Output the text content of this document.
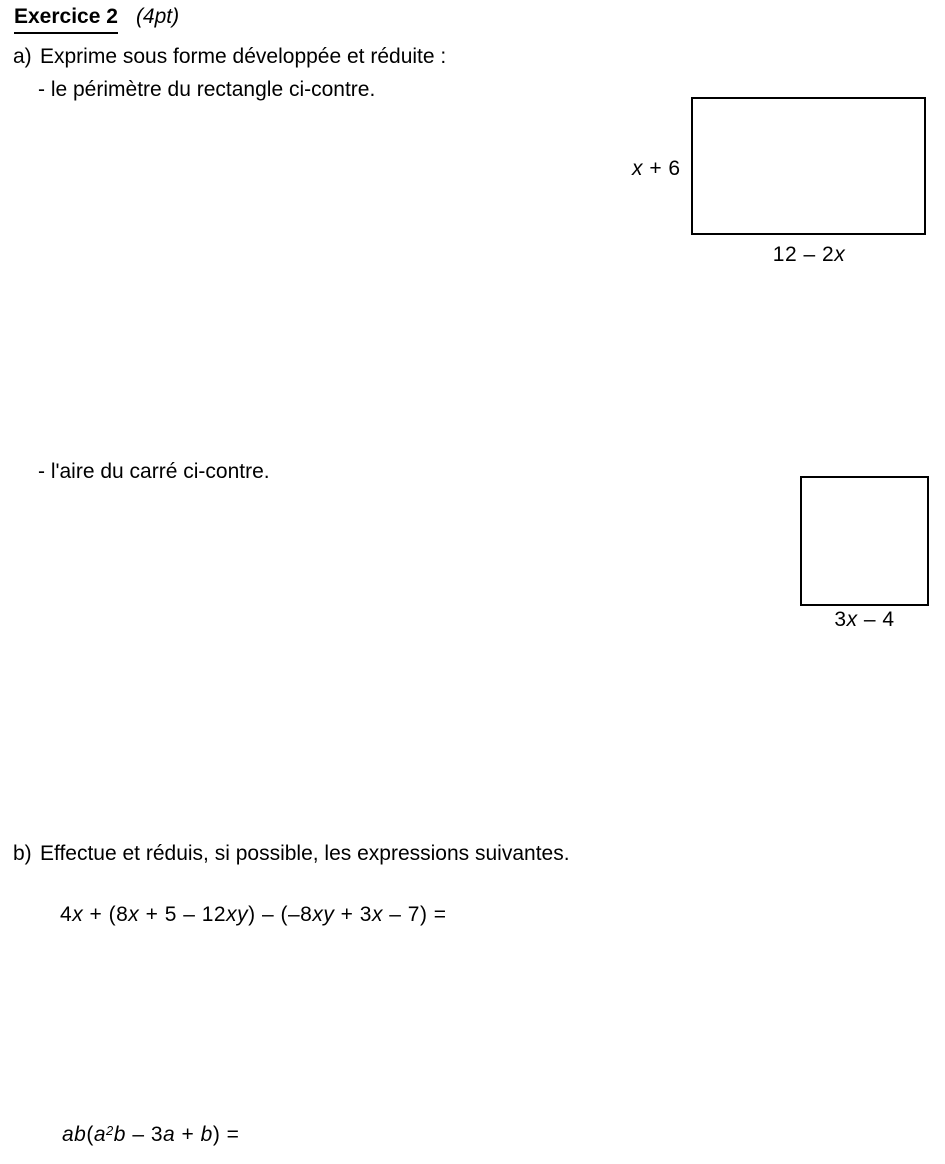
Exercice 2 (4pt)
a) Exprime sous forme développée et réduite :
- le périmètre du rectangle ci-contre.
x + 6
12 – 2x
- l'aire du carré ci-contre.
3x – 4
b) Effectue et réduis, si possible, les expressions suivantes.
4x + (8x + 5 – 12xy) – (–8xy + 3x – 7) =
$ab(a^2b - 3a + b)$ =
